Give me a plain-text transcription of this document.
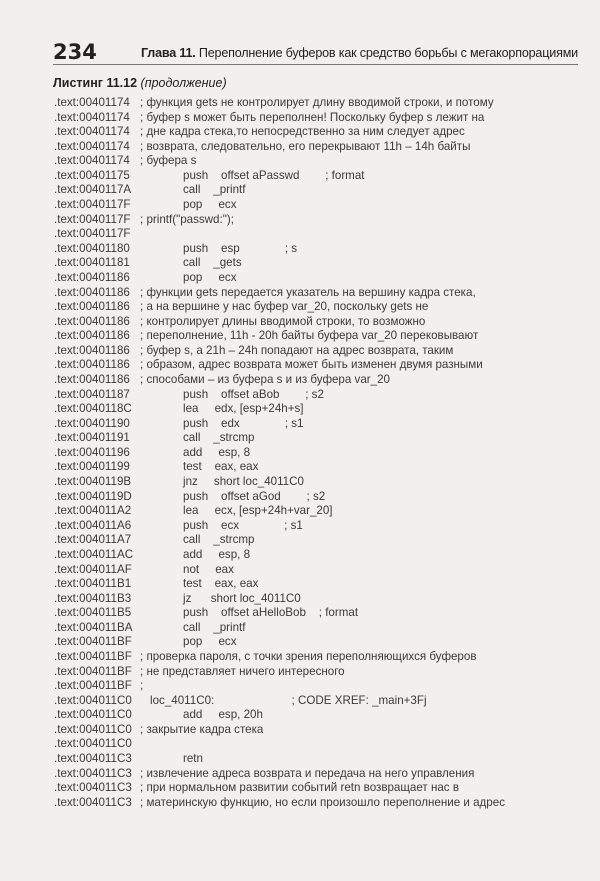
234	Глава 11. Переполнение буферов как средство борьбы с мегакорпорациями
Листинг 11.12 (продолжение)
.text:00401174 ; функция gets не контролирует длину вводимой строки, и потому
.text:00401174 ; буфер s может быть переполнен! Поскольку буфер s лежит на
.text:00401174 ; дне кадра стека,то непосредственно за ним следует адрес
.text:00401174 ; возврата, следовательно, его перекрывают 11h – 14h байты
.text:00401174 ; буфера s
.text:00401175	push    offset aPasswd        ; format
.text:0040117A	call    _printf
.text:0040117F	pop     ecx
.text:0040117F ; printf("passwd:");
.text:0040117F
.text:00401180	push    esp              ; s
.text:00401181	call    _gets
.text:00401186	pop     ecx
.text:00401186 ; функции gets передается указатель на вершину кадра стека,
.text:00401186 ; а на вершине у нас буфер var_20, поскольку gets не
.text:00401186 ; контролирует длины вводимой строки, то возможно
.text:00401186 ; переполнение, 11h - 20h байты буфера var_20 перековывают
.text:00401186 ; буфер s, а 21h – 24h попадают на адрес возврата, таким
.text:00401186 ; образом, адрес возврата может быть изменен двумя разными
.text:00401186 ; способами – из буфера s и из буфера var_20
.text:00401187	push    offset aBob        ; s2
.text:0040118C	lea     edx, [esp+24h+s]
.text:00401190	push    edx              ; s1
.text:00401191	call    _strcmp
.text:00401196	add     esp, 8
.text:00401199	test    eax, eax
.text:0040119B	jnz     short loc_4011C0
.text:0040119D	push    offset aGod        ; s2
.text:004011A2	lea     ecx, [esp+24h+var_20]
.text:004011A6	push    ecx              ; s1
.text:004011A7	call    _strcmp
.text:004011AC	add     esp, 8
.text:004011AF	not     eax
.text:004011B1	test    eax, eax
.text:004011B3	jz      short loc_4011C0
.text:004011B5	push    offset aHelloBob    ; format
.text:004011BA	call    _printf
.text:004011BF	pop     ecx
.text:004011BF ; проверка пароля, с точки зрения переполняющихся буферов
.text:004011BF ; не представляет ничего интересного
.text:004011BF ;
.text:004011C0 loc_4011C0:                        ; CODE XREF: _main+3Fj
.text:004011C0	add     esp, 20h
.text:004011C0 ; закрытие кадра стека
.text:004011C0
.text:004011C3	retn
.text:004011C3 ; извлечение адреса возврата и передача на него управления
.text:004011C3 ; при нормальном развитии событий retn возвращает нас в
.text:004011C3 ; материнскую функцию, но если произошло переполнение и адрес
